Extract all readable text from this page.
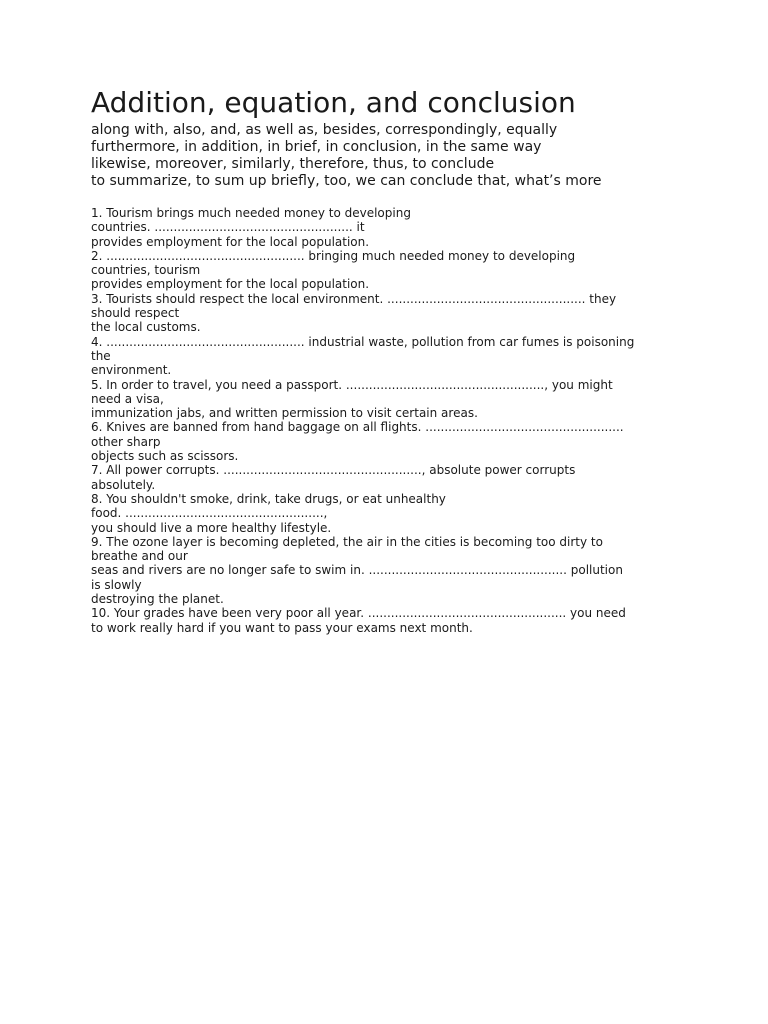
Addition, equation, and conclusion
along with, also, and, as well as, besides, correspondingly, equally
furthermore, in addition, in brief, in conclusion, in the same way
likewise, moreover, similarly, therefore, thus, to conclude
to summarize, to sum up briefly, too, we can conclude that, what’s more
1. Tourism brings much needed money to developing
countries. .................................................... it
provides employment for the local population.
2. .................................................... bringing much needed money to developing
countries, tourism
provides employment for the local population.
3. Tourists should respect the local environment. .................................................... they
should respect
the local customs.
4. .................................................... industrial waste, pollution from car fumes is poisoning
the
environment.
5. In order to travel, you need a passport. ...................................................., you might
need a visa,
immunization jabs, and written permission to visit certain areas.
6. Knives are banned from hand baggage on all flights. ....................................................
other sharp
objects such as scissors.
7. All power corrupts. ...................................................., absolute power corrupts
absolutely.
8. You shouldn't smoke, drink, take drugs, or eat unhealthy
food. ....................................................,
you should live a more healthy lifestyle.
9. The ozone layer is becoming depleted, the air in the cities is becoming too dirty to
breathe and our
seas and rivers are no longer safe to swim in. .................................................... pollution
is slowly
destroying the planet.
10. Your grades have been very poor all year. .................................................... you need
to work really hard if you want to pass your exams next month.
